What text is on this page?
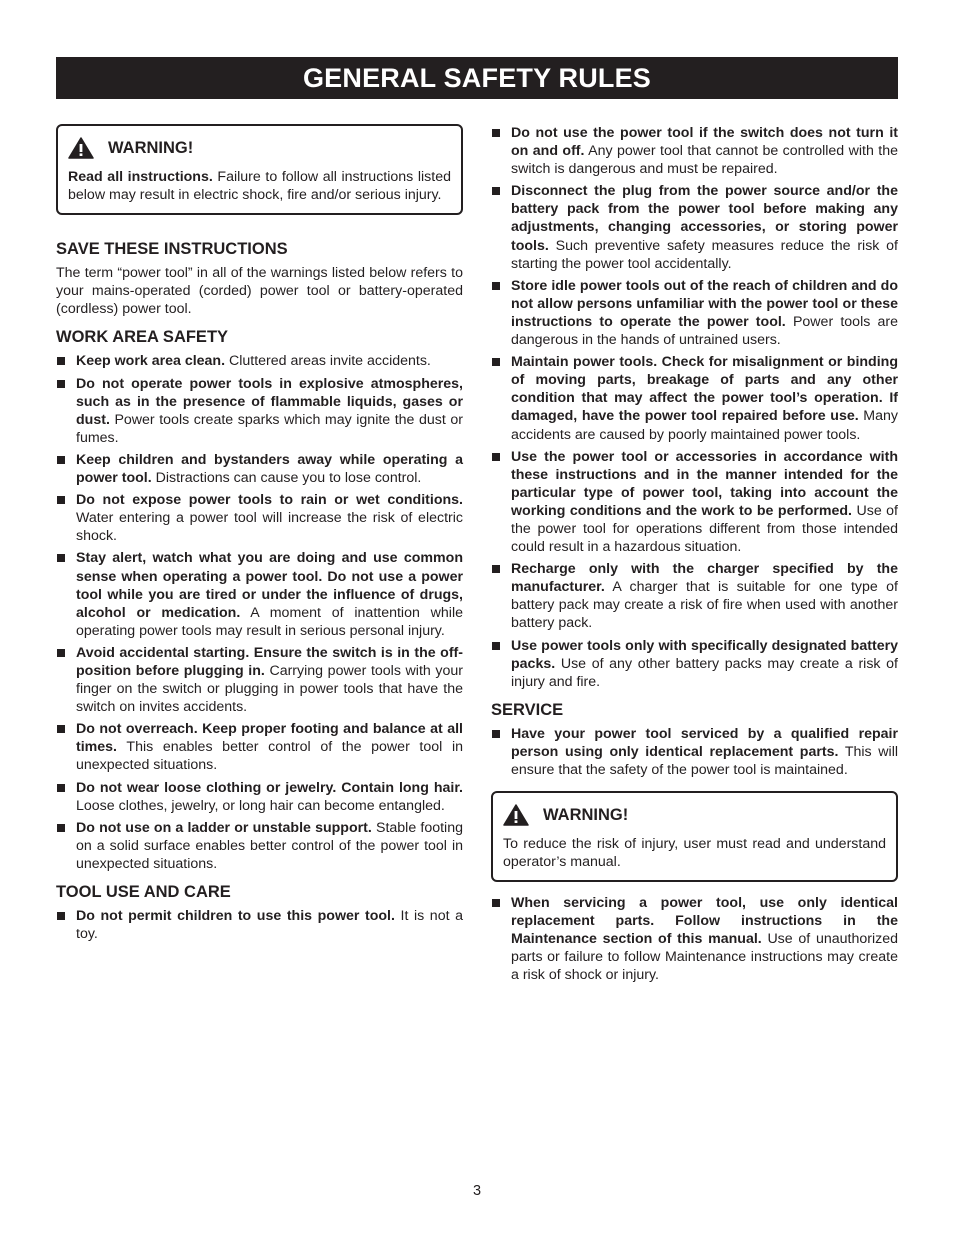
GENERAL SAFETY RULES
WARNING!
Read all instructions. Failure to follow all instructions listed below may result in electric shock, fire and/or serious injury.
SAVE THESE INSTRUCTIONS

The term “power tool” in all of the warnings listed below refers to your mains-operated (corded) power tool or battery-operated (cordless) power tool.

WORK AREA SAFETY
Keep work area clean. Cluttered areas invite accidents.
Do not operate power tools in explosive atmospheres, such as in the presence of flammable liquids, gases or dust. Power tools create sparks which may ignite the dust or fumes.
Keep children and bystanders away while operating a power tool. Distractions can cause you to lose control.
Do not expose power tools to rain or wet conditions. Water entering a power tool will increase the risk of electric shock.
Stay alert, watch what you are doing and use common sense when operating a power tool. Do not use a power tool while you are tired or under the influence of drugs, alcohol or medication. A moment of inattention while operating power tools may result in serious personal injury.
Avoid accidental starting. Ensure the switch is in the off-position before plugging in. Carrying power tools with your finger on the switch or plugging in power tools that have the switch on invites accidents.
Do not overreach. Keep proper footing and balance at all times. This enables better control of the power tool in unexpected situations.
Do not wear loose clothing or jewelry. Contain long hair. Loose clothes, jewelry, or long hair can become entangled.
Do not use on a ladder or unstable support. Stable footing on a solid surface enables better control of the power tool in unexpected situations.
TOOL USE AND CARE
Do not permit children to use this power tool. It is not a toy.
Do not use the power tool if the switch does not turn it on and off. Any power tool that cannot be controlled with the switch is dangerous and must be repaired.
Disconnect the plug from the power source and/or the battery pack from the power tool before making any adjustments, changing accessories, or storing power tools. Such preventive safety measures reduce the risk of starting the power tool accidentally.
Store idle power tools out of the reach of children and do not allow persons unfamiliar with the power tool or these instructions to operate the power tool. Power tools are dangerous in the hands of untrained users.
Maintain power tools. Check for misalignment or binding of moving parts, breakage of parts and any other condition that may affect the power tool’s operation. If damaged, have the power tool repaired before use. Many accidents are caused by poorly maintained power tools.
Use the power tool or accessories in accordance with these instructions and in the manner intended for the particular type of power tool, taking into account the working conditions and the work to be performed. Use of the power tool for operations different from those intended could result in a hazardous situation.
Recharge only with the charger specified by the manufacturer. A charger that is suitable for one type of battery pack may create a risk of fire when used with another battery pack.
Use power tools only with specifically designated battery packs. Use of any other battery packs may create a risk of injury and fire.
SERVICE
Have your power tool serviced by a qualified repair person using only identical replacement parts. This will ensure that the safety of the power tool is maintained.
WARNING!
To reduce the risk of injury, user must read and understand operator’s manual.
When servicing a power tool, use only identical replacement parts. Follow instructions in the Maintenance section of this manual. Use of unauthorized parts or failure to follow Maintenance instructions may create a risk of shock or injury.
3
